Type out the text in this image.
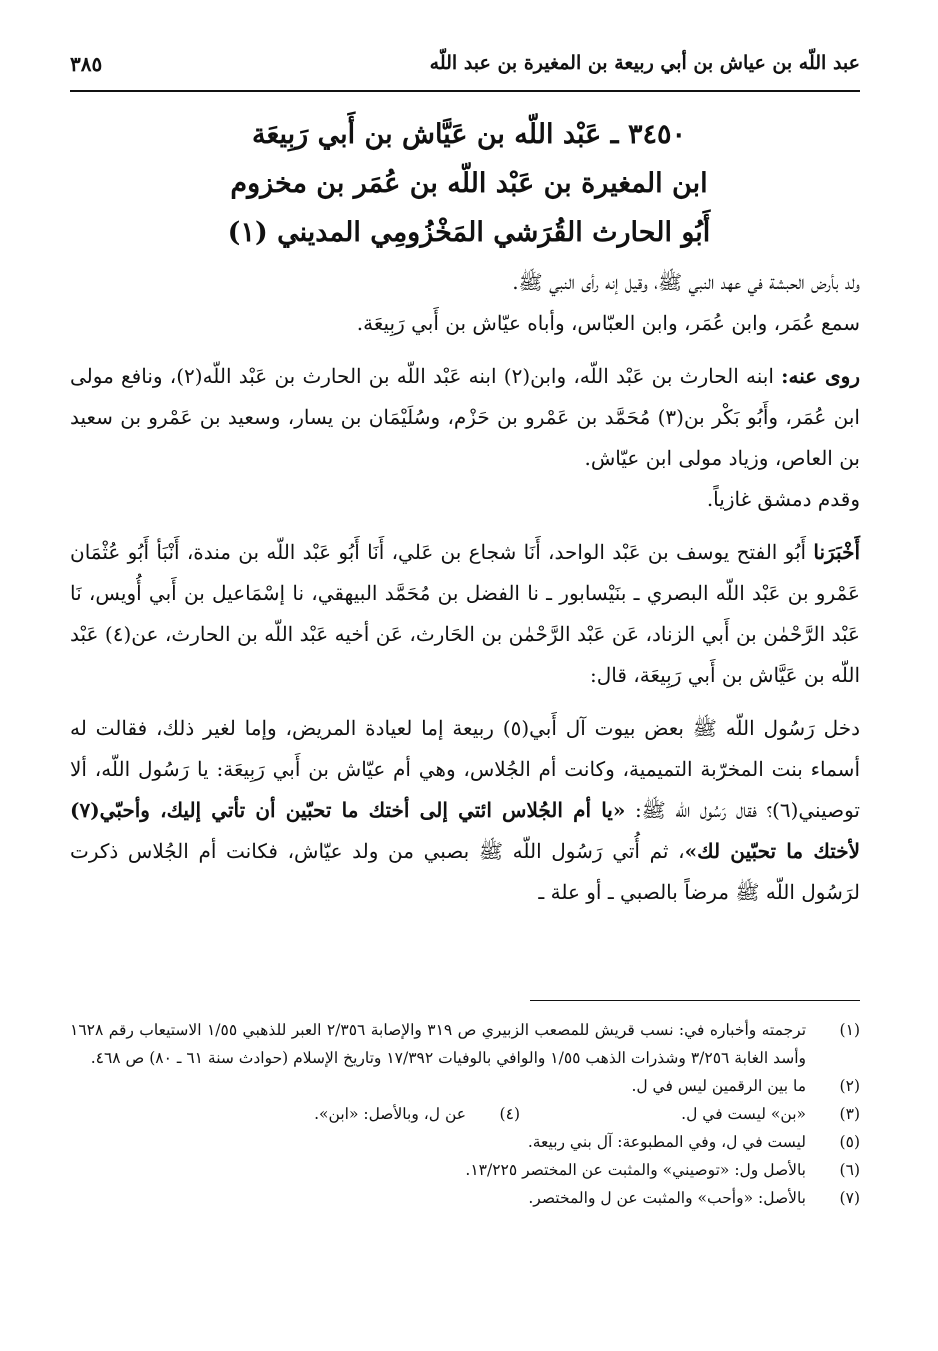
عبد اللّه بن عياش بن أبي ربيعة بن المغيرة بن عبد اللّه
٣٨٥
٣٤٥٠ ـ عَبْد اللّه بن عَيَّاش بن أَبي رَبِيعَة
ابن المغيرة بن عَبْد اللّه بن عُمَر بن مخزوم
أَبُو الحارث القُرَشي المَخْزُومِي المديني (١)

ولد بأرض الحبشة في عهد النبي ﷺ، وقيل إنه رأى النبي ﷺ.

سمع عُمَر، وابن عُمَر، وابن العبّاس، وأباه عيّاش بن أَبي رَبِيعَة.

روى عنه: ابنه الحارث بن عَبْد اللّه، وابن(٢) ابنه عَبْد اللّه بن الحارث بن عَبْد اللّه(٢)، ونافع مولى ابن عُمَر، وأَبُو بَكْر بن(٣) مُحَمَّد بن عَمْرو بن حَزْم، وسُلَيْمَان بن يسار، وسعيد بن عَمْرو بن سعيد بن العاص، وزياد مولى ابن عيّاش.

وقدم دمشق غازياً.

أَخْبَرَنا أَبُو الفتح يوسف بن عَبْد الواحد، أَنَا شجاع بن عَلي، أَنَا أَبُو عَبْد اللّه بن مندة، أَنْبَأ أَبُو عُثْمَان عَمْرو بن عَبْد اللّه البصري ـ بنَيْسابور ـ نا الفضل بن مُحَمَّد البيهقي، نا إسْمَاعيل بن أَبي أُويس، نَا عَبْد الرَّحْمٰن بن أَبي الزناد، عَن عَبْد الرَّحْمٰن بن الحَارث، عَن أخيه عَبْد اللّه بن الحارث، عن(٤) عَبْد اللّه بن عَيَّاش بن أَبي رَبِيعَة، قال:

دخل رَسُول اللّه ﷺ بعض بيوت آل أَبي(٥) ربيعة إما لعيادة المريض، وإما لغير ذلك، فقالت له أسماء بنت المخرّبة التميمية، وكانت أم الجُلاس، وهي أم عيّاش بن أَبي رَبِيعَة: يا رَسُول اللّه، ألا توصيني(٦)؟ فقال رَسُول اللّه ﷺ: «يا أم الجُلاس ائتي إلى أختك ما تحبّين أن تأتي إليك، وأحبّي(٧) لأختك ما تحبّين لك»، ثم أُتي رَسُول اللّه ﷺ بصبي من ولد عيّاش، فكانت أم الجُلاس ذكرت لرَسُول اللّه ﷺ مرضاً بالصبي ـ أو علة ـ

(١)
ترجمته وأخباره في: نسب قريش للمصعب الزبيري ص ٣١٩ والإصابة ٢/٣٥٦ العبر للذهبي ١/٥٥ الاستيعاب رقم ١٦٢٨ وأسد الغابة ٣/٢٥٦ وشذرات الذهب ١/٥٥ والوافي بالوفيات ١٧/٣٩٢ وتاريخ الإسلام (حوادث سنة ٦١ ـ ٨٠) ص ٤٦٨.
(٢)
ما بين الرقمين ليس في ل.
(٣)
«بن» ليست في ل.
(٤)
عن ل، وبالأصل: «ابن».
(٥)
ليست في ل، وفي المطبوعة: آل بني ربيعة.
(٦)
بالأصل ول: «توصيني» والمثبت عن المختصر ١٣/٢٢٥.
(٧)
بالأصل: «وأحب» والمثبت عن ل والمختصر.
